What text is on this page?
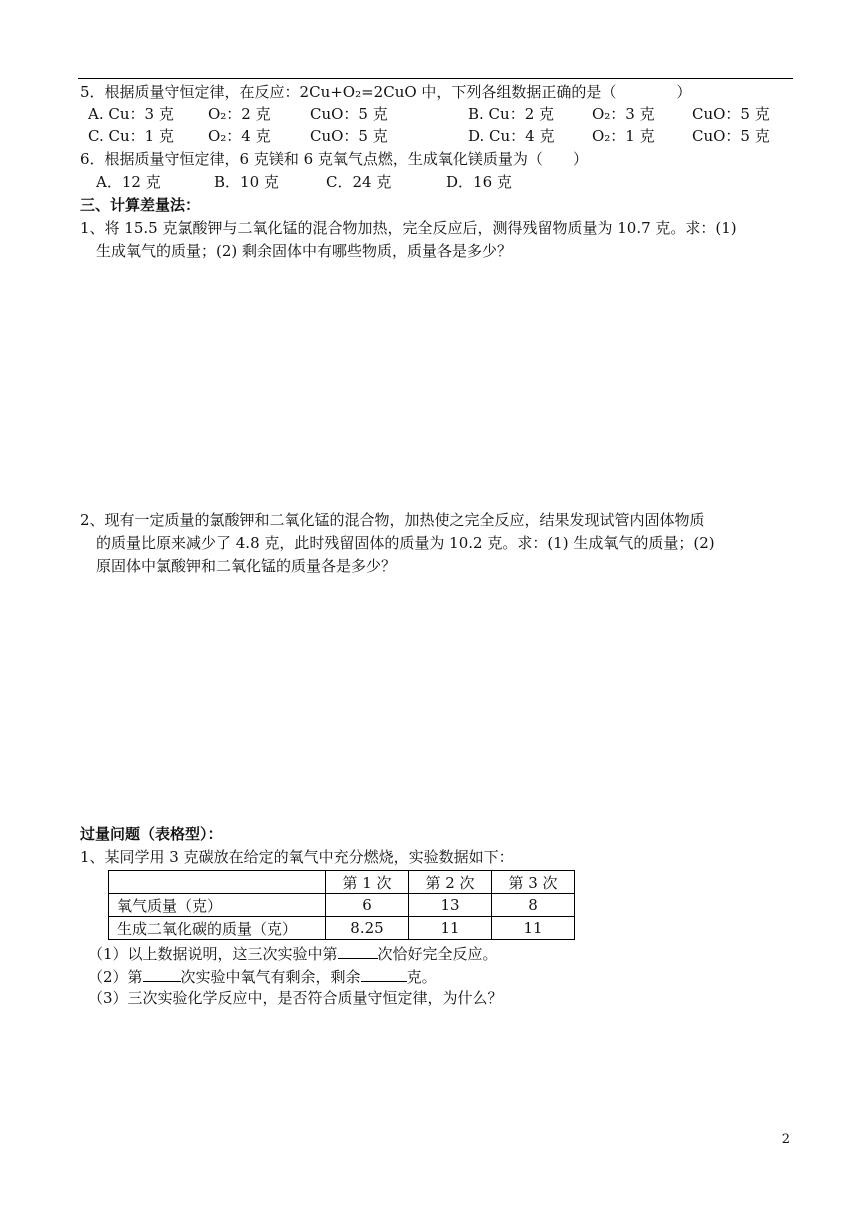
5．根据质量守恒定律，在反应：2Cu+O₂=2CuO 中，下列各组数据正确的是（　　　　）
A. Cu：3 克 O₂：2 克	CuO：5 克	B. Cu：2 克	O₂：3 克 CuO：5 克
C. Cu：1 克 O₂：4 克	CuO：5 克	D. Cu：4 克	O₂：1 克 CuO：5 克
6．根据质量守恒定律，6 克镁和 6 克氧气点燃，生成氧化镁质量为（　　）
A．12 克	B．10 克	C．24 克	D．16 克
三、计算差量法：
1、将 15.5 克氯酸钾与二氧化锰的混合物加热，完全反应后，测得残留物质量为 10.7 克。求：(1)
生成氧气的质量；(2) 剩余固体中有哪些物质，质量各是多少？
2、现有一定质量的氯酸钾和二氧化锰的混合物，加热使之完全反应，结果发现试管内固体物质
的质量比原来减少了 4.8 克，此时残留固体的质量为 10.2 克。求：(1) 生成氧气的质量；(2)
原固体中氯酸钾和二氧化锰的质量各是多少？
过量问题（表格型）：
1、某同学用 3 克碳放在给定的氧气中充分燃烧，实验数据如下：
	第 1 次	第 2 次	第 3 次
氧气质量（克）	6	13	8
生成二氧化碳的质量（克）	8.25	11	11
（1）以上数据说明，这三次实验中第	次恰好完全反应。
（2）第	次实验中氧气有剩余，剩余	克。
（3）三次实验化学反应中，是否符合质量守恒定律，为什么？
2
